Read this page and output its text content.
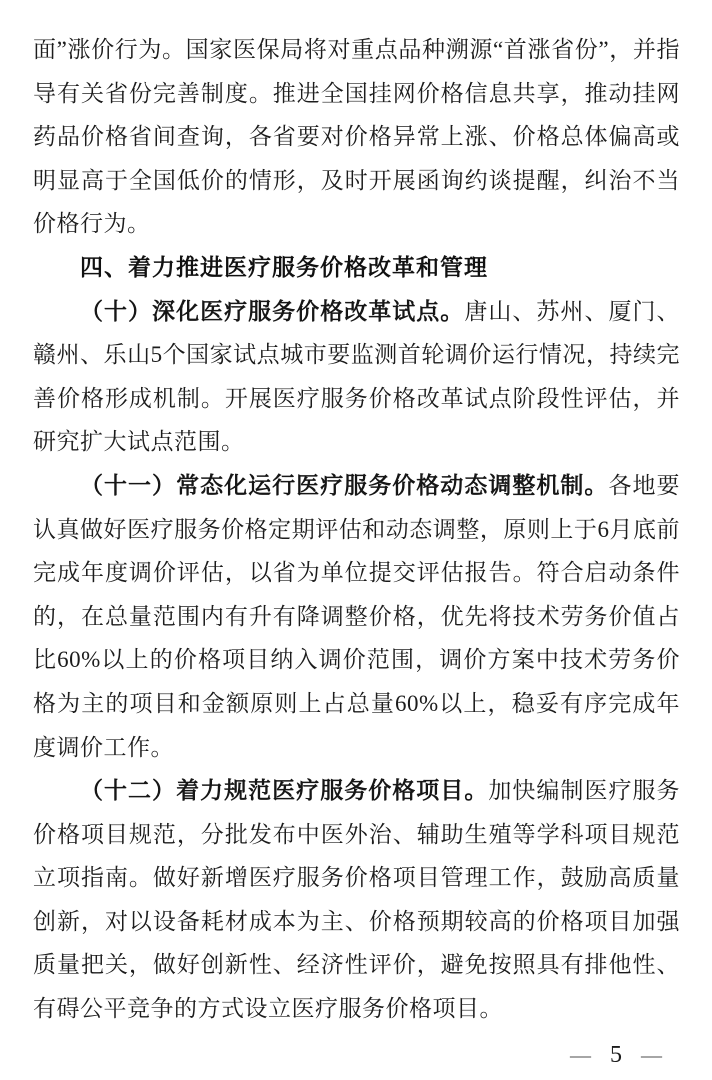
面”涨价行为。国家医保局将对重点品种溯源“首涨省份”，并指导有关省份完善制度。推进全国挂网价格信息共享，推动挂网药品价格省间查询，各省要对价格异常上涨、价格总体偏高或明显高于全国低价的情形，及时开展函询约谈提醒，纠治不当价格行为。

四、着力推进医疗服务价格改革和管理

（十）深化医疗服务价格改革试点。唐山、苏州、厦门、赣州、乐山5个国家试点城市要监测首轮调价运行情况，持续完善价格形成机制。开展医疗服务价格改革试点阶段性评估，并研究扩大试点范围。

（十一）常态化运行医疗服务价格动态调整机制。各地要认真做好医疗服务价格定期评估和动态调整，原则上于6月底前完成年度调价评估，以省为单位提交评估报告。符合启动条件的，在总量范围内有升有降调整价格，优先将技术劳务价值占比60%以上的价格项目纳入调价范围，调价方案中技术劳务价格为主的项目和金额原则上占总量60%以上，稳妥有序完成年度调价工作。

（十二）着力规范医疗服务价格项目。加快编制医疗服务价格项目规范，分批发布中医外治、辅助生殖等学科项目规范立项指南。做好新增医疗服务价格项目管理工作，鼓励高质量创新，对以设备耗材成本为主、价格预期较高的价格项目加强质量把关，做好创新性、经济性评价，避免按照具有排他性、有碍公平竞争的方式设立医疗服务价格项目。

— 5 —
